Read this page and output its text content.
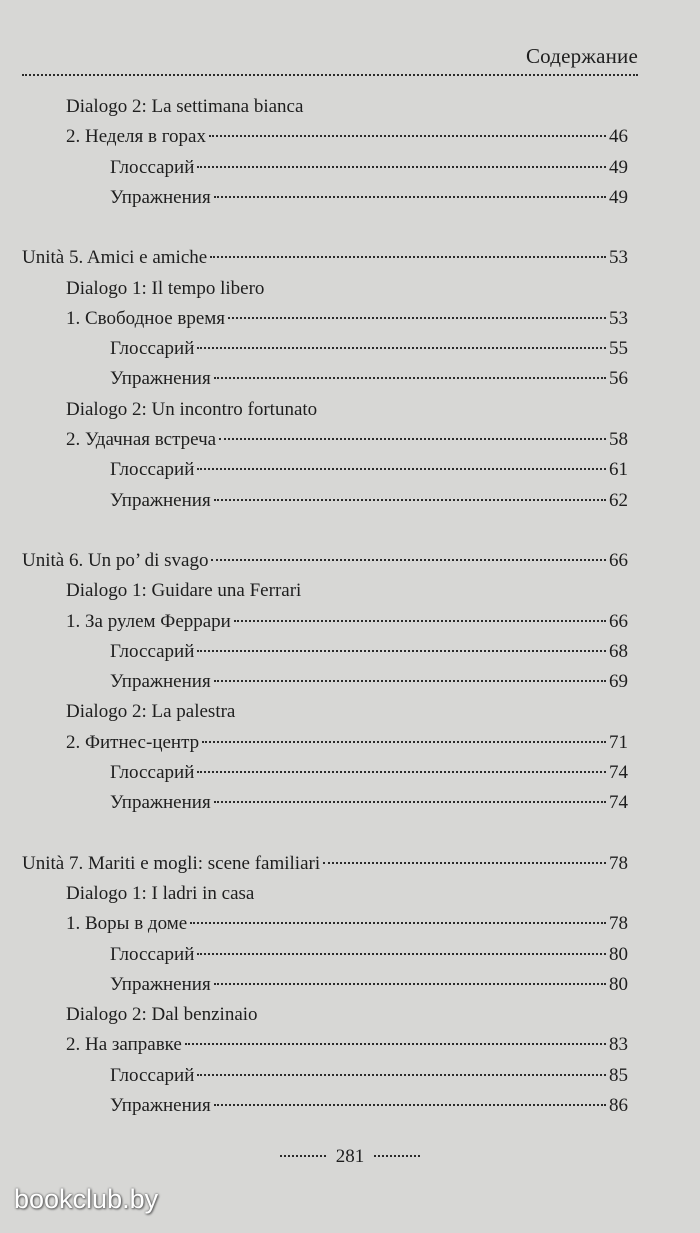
Содержание
Dialogo 2: La settimana bianca
2. Неделя в горах	46
Глоссарий	49
Упражнения	49
Unità 5. Amici e amiche	53
Dialogo 1: Il tempo libero
1. Свободное время	53
Глоссарий	55
Упражнения	56
Dialogo 2: Un incontro fortunato
2. Удачная встреча	58
Глоссарий	61
Упражнения	62
Unità 6. Un po’ di svago	66
Dialogo 1: Guidare una Ferrari
1. За рулем Феррари	66
Глоссарий	68
Упражнения	69
Dialogo 2: La palestra
2. Фитнес-центр	71
Глоссарий	74
Упражнения	74
Unità 7. Mariti e mogli: scene familiari	78
Dialogo 1: I ladri in casa
1. Воры в доме	78
Глоссарий	80
Упражнения	80
Dialogo 2: Dal benzinaio
2. На заправке	83
Глоссарий	85
Упражнения	86
281
bookclub.by
